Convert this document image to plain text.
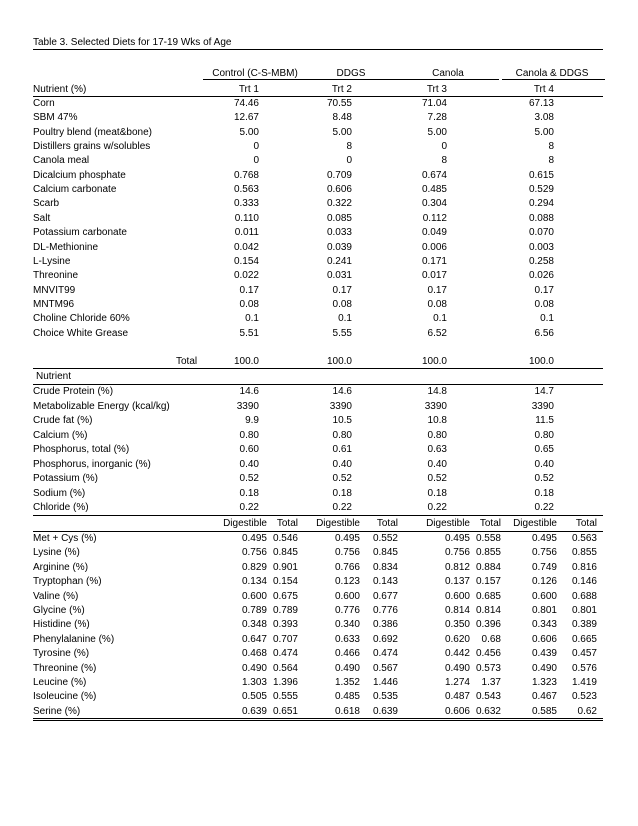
Table 3. Selected Diets for 17-19 Wks of Age
Control (C-S-MBM)	DDGS	Canola	Canola & DDGS
Nutrient (%)	Trt 1	Trt 2	Trt 3	Trt 4
Corn	74.46	70.55	71.04	67.13
SBM 47%	12.67	8.48	7.28	3.08
Poultry blend (meat&bone)	5.00	5.00	5.00	5.00
Distillers grains w/solubles	0	8	0	8
Canola meal	0	0	8	8
Dicalcium phosphate	0.768	0.709	0.674	0.615
Calcium carbonate	0.563	0.606	0.485	0.529
Scarb	0.333	0.322	0.304	0.294
Salt	0.110	0.085	0.112	0.088
Potassium carbonate	0.011	0.033	0.049	0.070
DL-Methionine	0.042	0.039	0.006	0.003
L-Lysine	0.154	0.241	0.171	0.258
Threonine	0.022	0.031	0.017	0.026
MNVIT99	0.17	0.17	0.17	0.17
MNTM96	0.08	0.08	0.08	0.08
Choline Chloride 60%	0.1	0.1	0.1	0.1
Choice White Grease	5.51	5.55	6.52	6.56
Total	100.0	100.0	100.0	100.0
Nutrient
Crude Protein (%)	14.6	14.6	14.8	14.7
Metabolizable Energy (kcal/kg)	3390	3390	3390	3390
Crude fat (%)	9.9	10.5	10.8	11.5
Calcium (%)	0.80	0.80	0.80	0.80
Phosphorus, total (%)	0.60	0.61	0.63	0.65
Phosphorus, inorganic (%)	0.40	0.40	0.40	0.40
Potassium (%)	0.52	0.52	0.52	0.52
Sodium (%)	0.18	0.18	0.18	0.18
Chloride (%)	0.22	0.22	0.22	0.22
Digestible Total Digestible Total	Digestible Total Digestible Total
Met + Cys (%)	0.495 0.546	0.495 0.552	0.495 0.558	0.495 0.563
Lysine (%)	0.756 0.845	0.756 0.845	0.756 0.855	0.756 0.855
Arginine (%)	0.829 0.901	0.766 0.834	0.812 0.884	0.749 0.816
Tryptophan (%)	0.134 0.154	0.123 0.143	0.137 0.157	0.126 0.146
Valine (%)	0.600 0.675	0.600 0.677	0.600 0.685	0.600 0.688
Glycine (%)	0.789 0.789	0.776 0.776	0.814 0.814	0.801 0.801
Histidine (%)	0.348 0.393	0.340 0.386	0.350 0.396	0.343 0.389
Phenylalanine (%)	0.647 0.707	0.633 0.692	0.620 0.68	0.606 0.665
Tyrosine (%)	0.468 0.474	0.466 0.474	0.442 0.456	0.439 0.457
Threonine (%)	0.490 0.564	0.490 0.567	0.490 0.573	0.490 0.576
Leucine (%)	1.303 1.396	1.352 1.446	1.274 1.37	1.323 1.419
Isoleucine (%)	0.505 0.555	0.485 0.535	0.487 0.543	0.467 0.523
Serine (%)	0.639 0.651	0.618 0.639	0.606 0.632	0.585 0.62
